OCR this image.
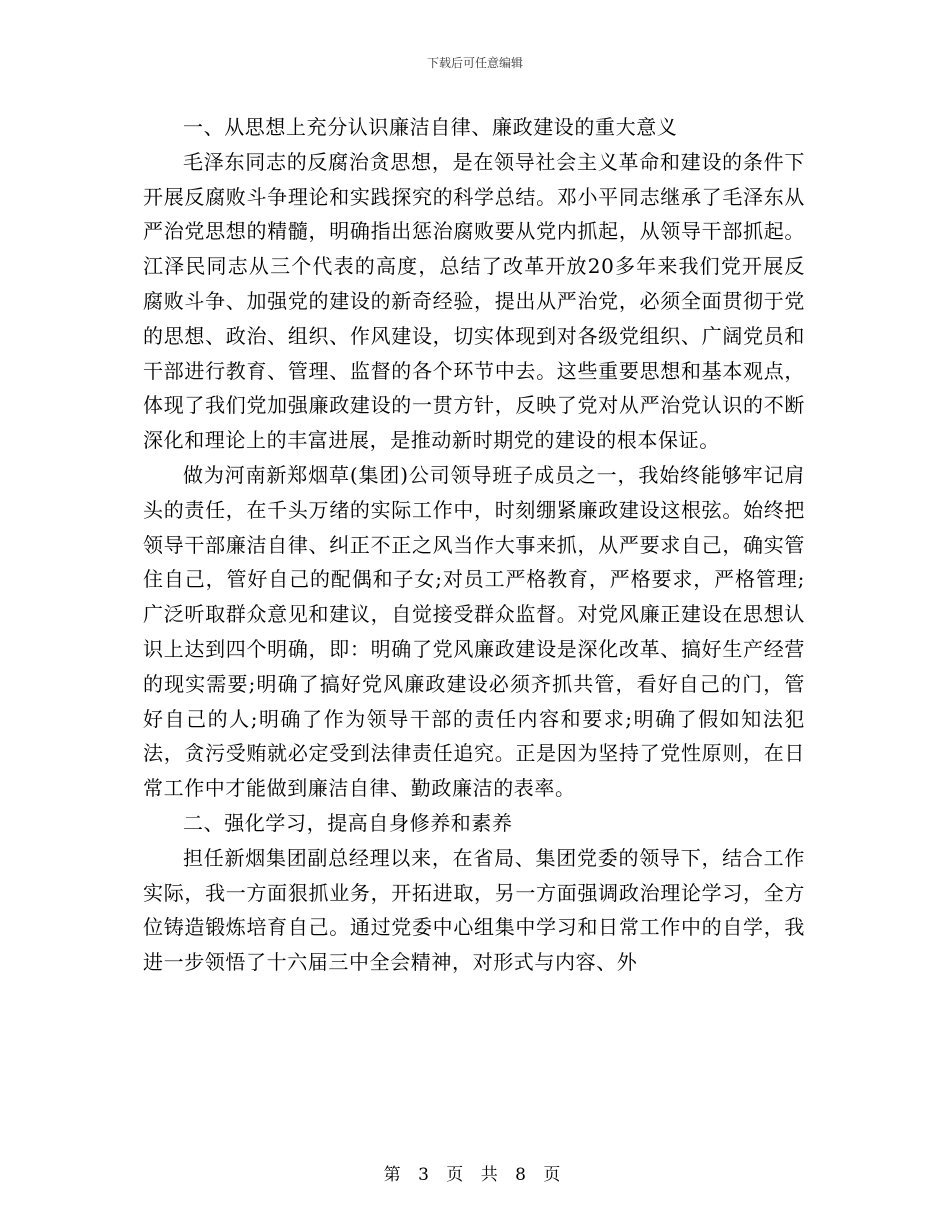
下载后可任意编辑

一、从思想上充分认识廉洁自律、廉政建设的重大意义

毛泽东同志的反腐治贪思想，是在领导社会主义革命和建设的条件下开展反腐败斗争理论和实践探究的科学总结。邓小平同志继承了毛泽东从严治党思想的精髓，明确指出惩治腐败要从党内抓起，从领导干部抓起。江泽民同志从三个代表的高度，总结了改革开放20多年来我们党开展反腐败斗争、加强党的建设的新奇经验，提出从严治党，必须全面贯彻于党的思想、政治、组织、作风建设，切实体现到对各级党组织、广阔党员和干部进行教育、管理、监督的各个环节中去。这些重要思想和基本观点，体现了我们党加强廉政建设的一贯方针，反映了党对从严治党认识的不断深化和理论上的丰富进展，是推动新时期党的建设的根本保证。

做为河南新郑烟草(集团)公司领导班子成员之一，我始终能够牢记肩头的责任，在千头万绪的实际工作中，时刻绷紧廉政建设这根弦。始终把领导干部廉洁自律、纠正不正之风当作大事来抓，从严要求自己，确实管住自己，管好自己的配偶和子女;对员工严格教育，严格要求，严格管理;广泛听取群众意见和建议，自觉接受群众监督。对党风廉正建设在思想认识上达到四个明确，即：明确了党风廉政建设是深化改革、搞好生产经营的现实需要;明确了搞好党风廉政建设必须齐抓共管，看好自己的门，管好自己的人;明确了作为领导干部的责任内容和要求;明确了假如知法犯法，贪污受贿就必定受到法律责任追究。正是因为坚持了党性原则，在日常工作中才能做到廉洁自律、勤政廉洁的表率。

二、强化学习，提高自身修养和素养

担任新烟集团副总经理以来，在省局、集团党委的领导下，结合工作实际，我一方面狠抓业务，开拓进取，另一方面强调政治理论学习，全方位铸造锻炼培育自己。通过党委中心组集中学习和日常工作中的自学，我进一步领悟了十六届三中全会精神，对形式与内容、外

第 3 页 共 8 页
